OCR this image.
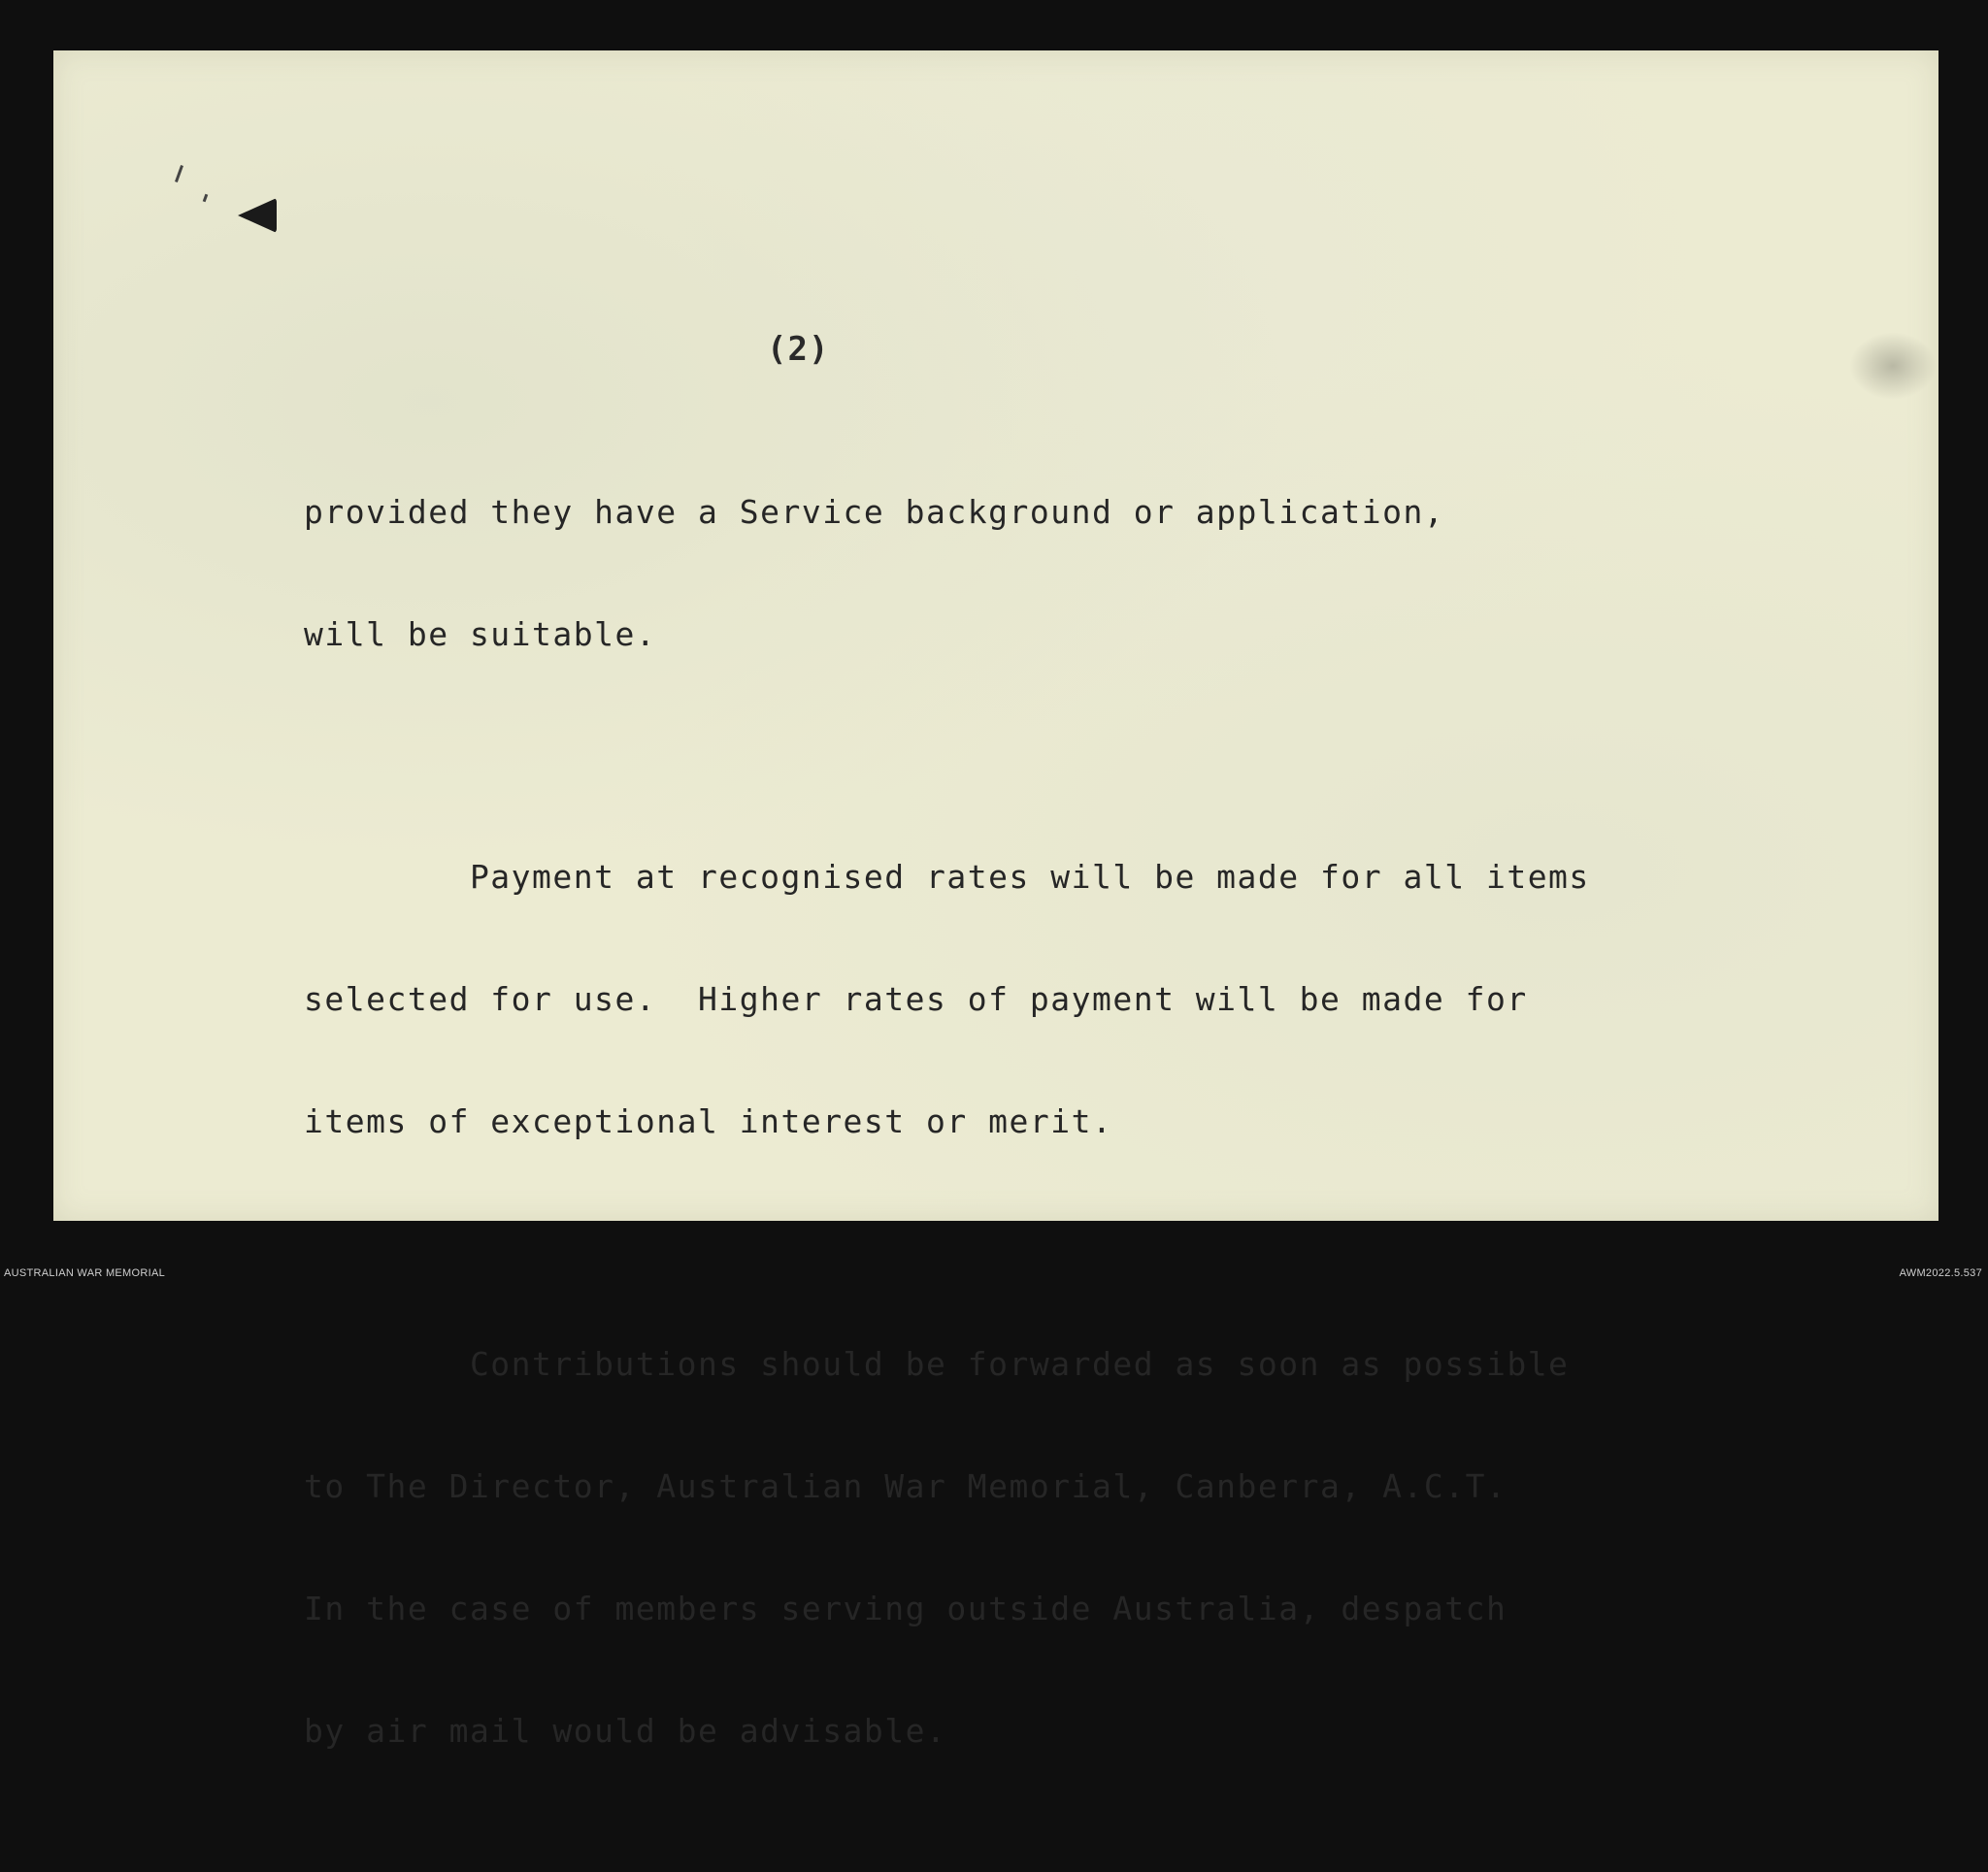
(2)

provided they have a Service background or application,

will be suitable.

Payment at recognised rates will be made for all items

selected for use.  Higher rates of payment will be made for

items of exceptional interest or merit.

Contributions should be forwarded as soon as possible

to The Director, Australian War Memorial, Canberra, A.C.T.

In the case of members serving outside Australia, despatch

by air mail would be advisable.

AUSTRALIAN WAR MEMORIAL	AWM2022.5.537
